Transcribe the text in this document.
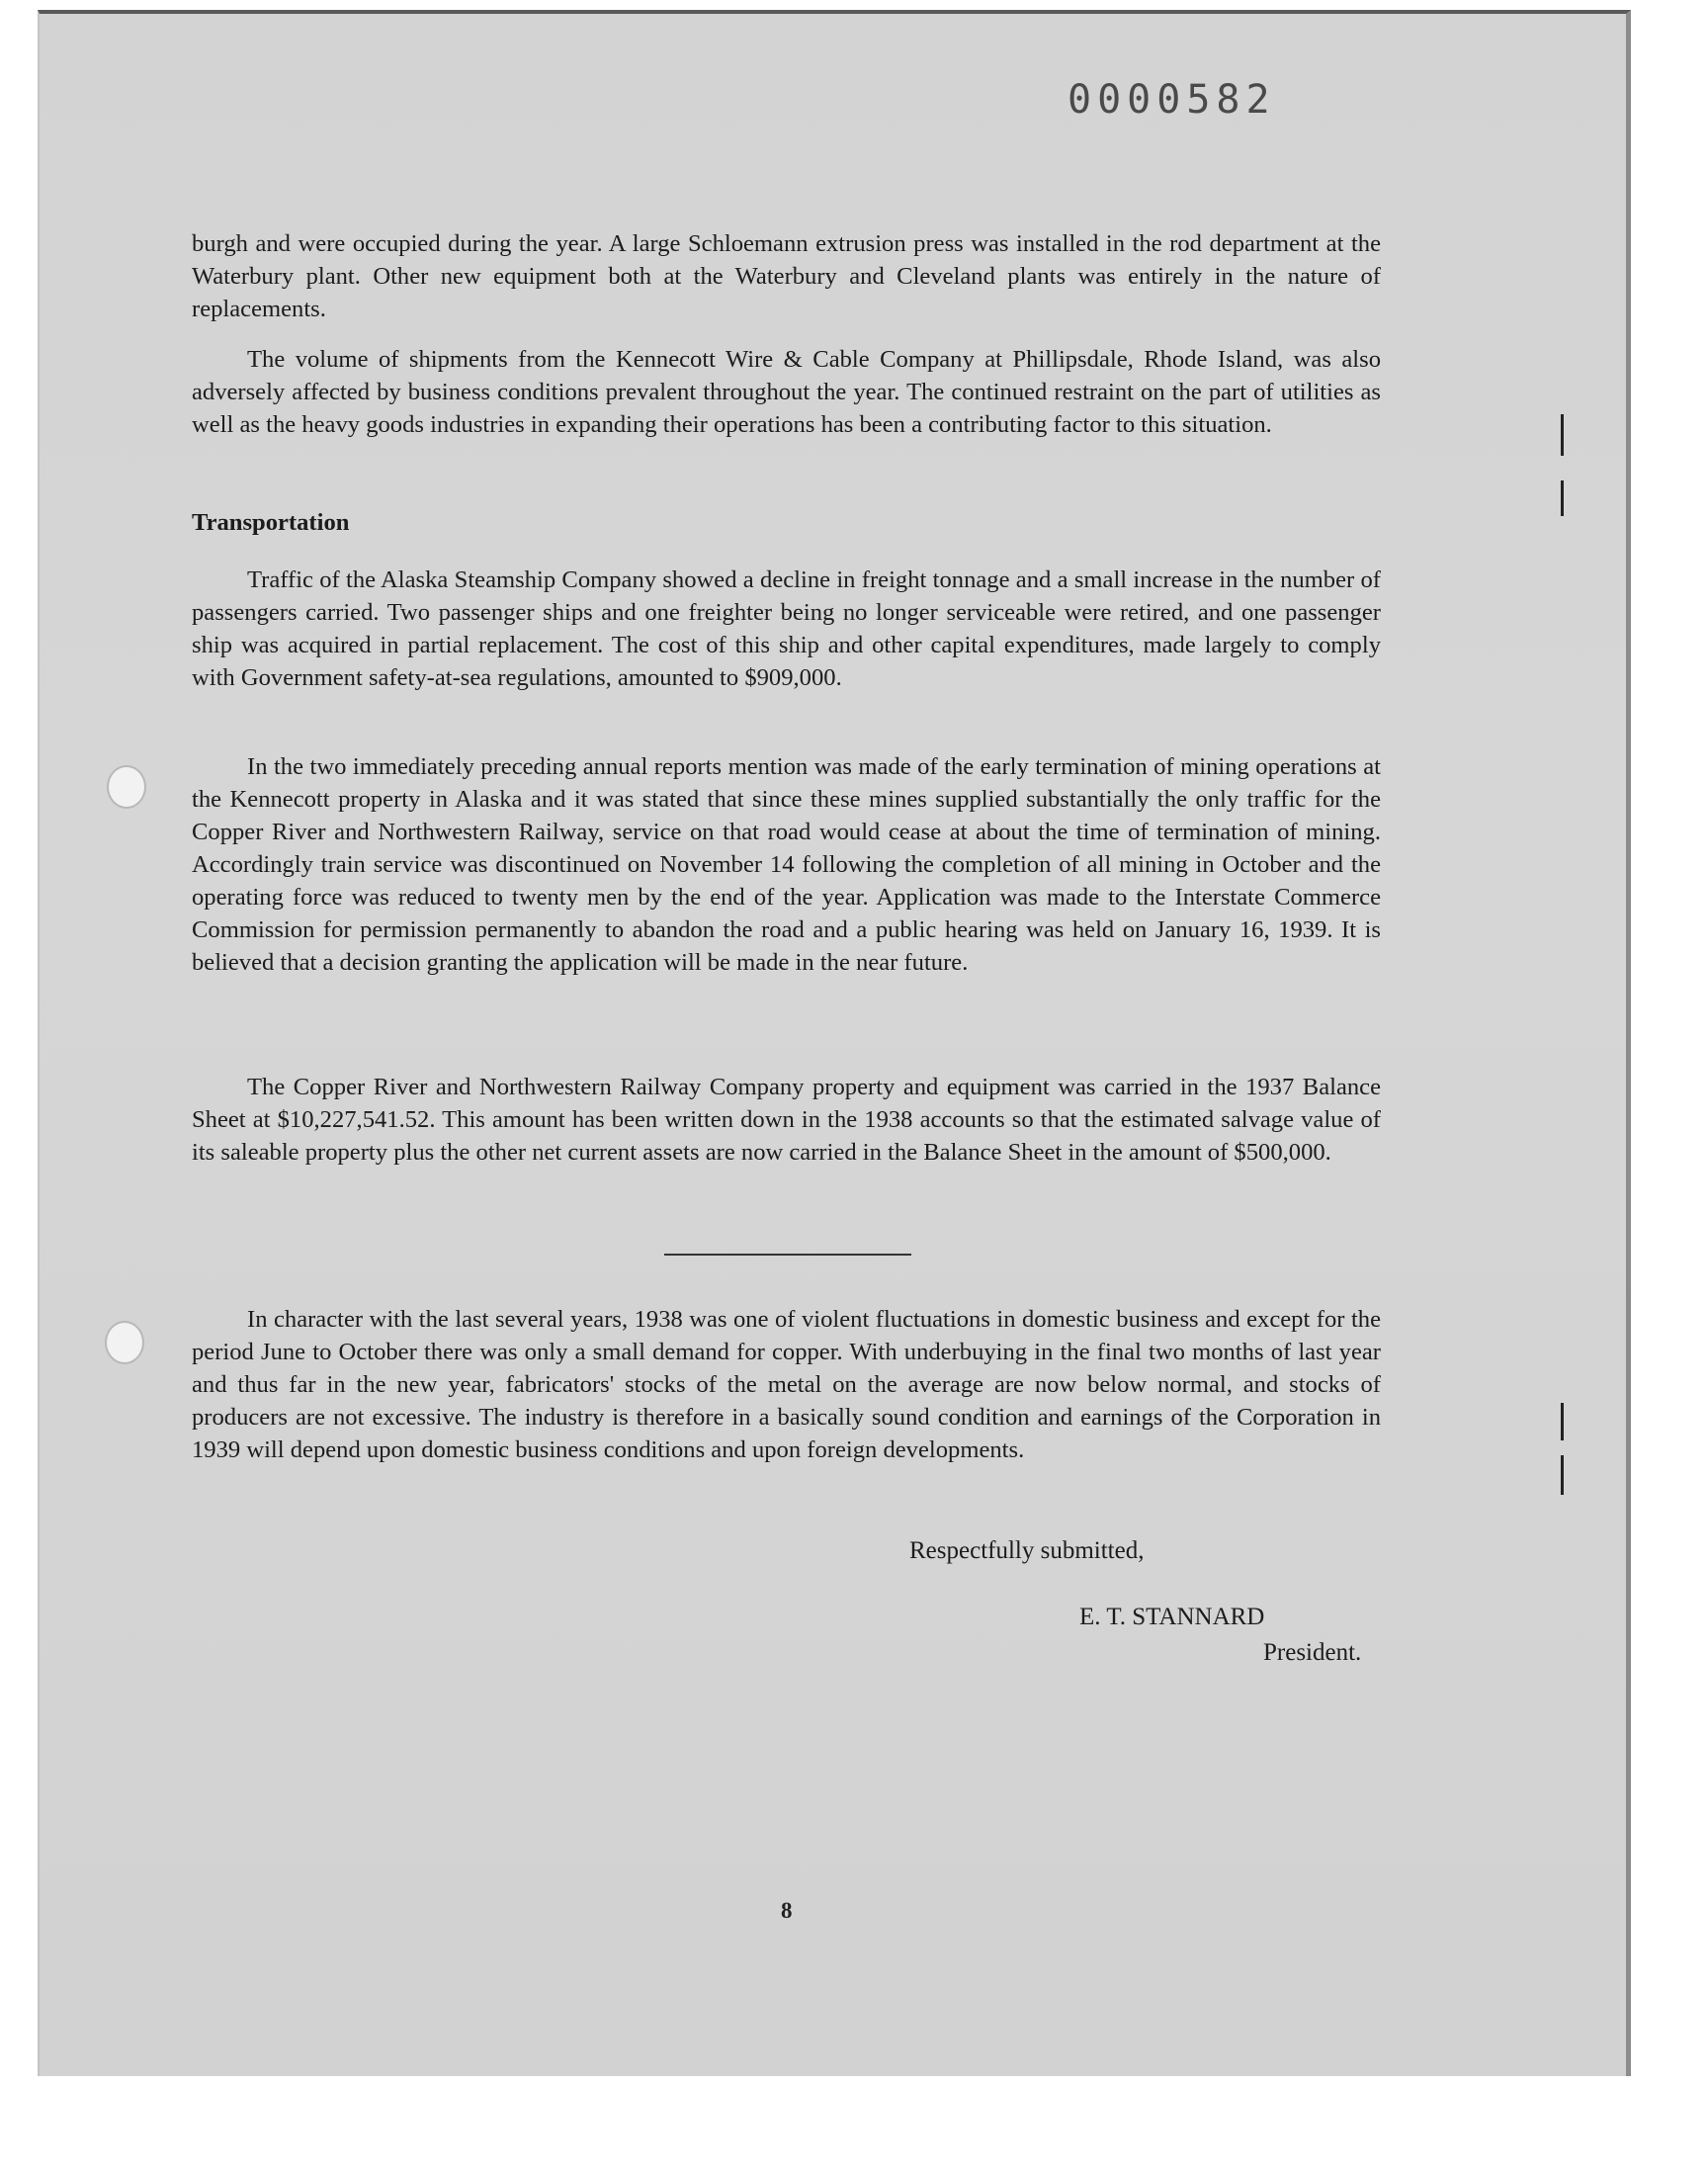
0000582

burgh and were occupied during the year. A large Schloemann extrusion press was installed in the rod department at the Waterbury plant. Other new equipment both at the Waterbury and Cleveland plants was entirely in the nature of replacements.

The volume of shipments from the Kennecott Wire & Cable Company at Phillipsdale, Rhode Island, was also adversely affected by business conditions prevalent throughout the year. The continued restraint on the part of utilities as well as the heavy goods industries in expanding their operations has been a contributing factor to this situation.

Transportation

Traffic of the Alaska Steamship Company showed a decline in freight tonnage and a small increase in the number of passengers carried. Two passenger ships and one freighter being no longer serviceable were retired, and one passenger ship was acquired in partial replacement. The cost of this ship and other capital expenditures, made largely to comply with Government safety-at-sea regulations, amounted to $909,000.

In the two immediately preceding annual reports mention was made of the early termination of mining operations at the Kennecott property in Alaska and it was stated that since these mines supplied substantially the only traffic for the Copper River and Northwestern Railway, service on that road would cease at about the time of termination of mining. Accordingly train service was discontinued on November 14 following the completion of all mining in October and the operating force was reduced to twenty men by the end of the year. Application was made to the Interstate Commerce Commission for permission permanently to abandon the road and a public hearing was held on January 16, 1939. It is believed that a decision granting the application will be made in the near future.

The Copper River and Northwestern Railway Company property and equipment was carried in the 1937 Balance Sheet at $10,227,541.52. This amount has been written down in the 1938 accounts so that the estimated salvage value of its saleable property plus the other net current assets are now carried in the Balance Sheet in the amount of $500,000.

In character with the last several years, 1938 was one of violent fluctuations in domestic business and except for the period June to October there was only a small demand for copper. With underbuying in the final two months of last year and thus far in the new year, fabricators' stocks of the metal on the average are now below normal, and stocks of producers are not excessive. The industry is therefore in a basically sound condition and earnings of the Corporation in 1939 will depend upon domestic business conditions and upon foreign developments.

Respectfully submitted,

E. T. STANNARD

President.

8
